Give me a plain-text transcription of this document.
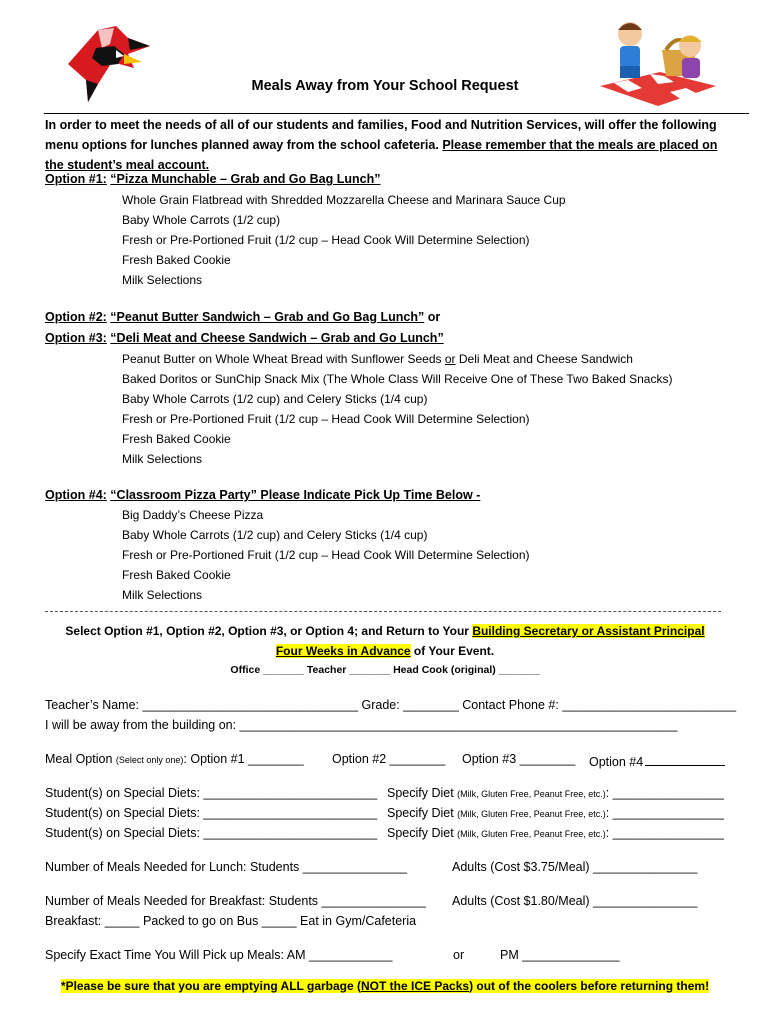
Meals Away from Your School Request
In order to meet the needs of all of our students and families, Food and Nutrition Services, will offer the following menu options for lunches planned away from the school cafeteria. Please remember that the meals are placed on the student’s meal account.
Option #1: “Pizza Munchable – Grab and Go Bag Lunch”
Whole Grain Flatbread with Shredded Mozzarella Cheese and Marinara Sauce Cup
Baby Whole Carrots (1/2 cup)
Fresh or Pre-Portioned Fruit (1/2 cup – Head Cook Will Determine Selection)
Fresh Baked Cookie
Milk Selections
Option #2: “Peanut Butter Sandwich – Grab and Go Bag Lunch” or
Option #3: “Deli Meat and Cheese Sandwich – Grab and Go Lunch”
Peanut Butter on Whole Wheat Bread with Sunflower Seeds or Deli Meat and Cheese Sandwich
Baked Doritos or SunChip Snack Mix (The Whole Class Will Receive One of These Two Baked Snacks)
Baby Whole Carrots (1/2 cup) and Celery Sticks (1/4 cup)
Fresh or Pre-Portioned Fruit (1/2 cup – Head Cook Will Determine Selection)
Fresh Baked Cookie
Milk Selections
Option #4: “Classroom Pizza Party” Please Indicate Pick Up Time Below -
Big Daddy’s Cheese Pizza
Baby Whole Carrots (1/2 cup) and Celery Sticks (1/4 cup)
Fresh or Pre-Portioned Fruit (1/2 cup – Head Cook Will Determine Selection)
Fresh Baked Cookie
Milk Selections
Select Option #1, Option #2, Option #3, or Option 4; and Return to Your Building Secretary or Assistant Principal
Four Weeks in Advance of Your Event.
Office _______ Teacher _______ Head Cook (original) _______
Teacher’s Name: _______________________________ Grade: ________ Contact Phone #: _________________________
I will be away from the building on: _______________________________________________________________
Meal Option (Select only one): Option #1 ________ Option #2 ________ Option #3 ________ Option #4
Student(s) on Special Diets: _________________________ Specify Diet (Milk, Gluten Free, Peanut Free, etc.): ________________
Student(s) on Special Diets: _________________________ Specify Diet (Milk, Gluten Free, Peanut Free, etc.): ________________
Student(s) on Special Diets: _________________________ Specify Diet (Milk, Gluten Free, Peanut Free, etc.): ________________
Number of Meals Needed for Lunch: Students _______________	Adults (Cost $3.75/Meal) _______________
Number of Meals Needed for Breakfast: Students _______________ Adults (Cost $1.80/Meal) _______________
Breakfast: _____ Packed to go on Bus _____ Eat in Gym/Cafeteria
Specify Exact Time You Will Pick up Meals: AM ____________	or	PM ______________
*Please be sure that you are emptying ALL garbage (NOT the ICE Packs) out of the coolers before returning them!
